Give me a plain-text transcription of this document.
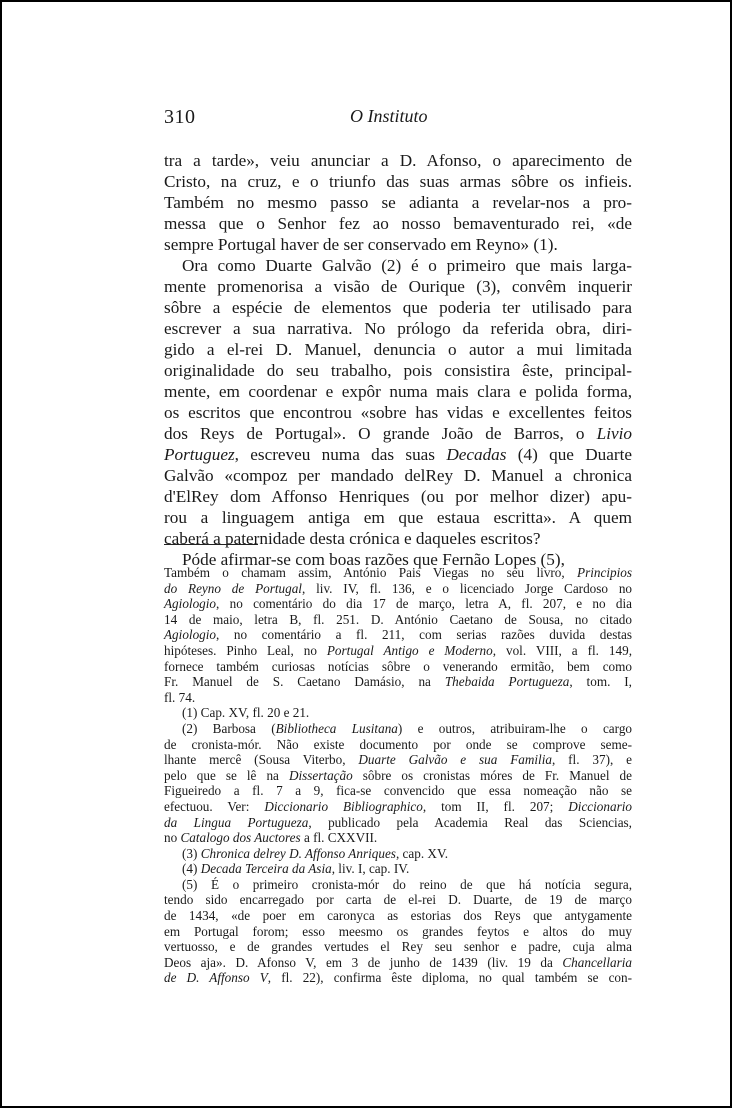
310	O Instituto
tra a tarde», veiu anunciar a D. Afonso, o aparecimento de
Cristo, na cruz, e o triunfo das suas armas sôbre os infieis.
Também no mesmo passo se adianta a revelar-nos a pro-
messa que o Senhor fez ao nosso bemaventurado rei, «de
sempre Portugal haver de ser conservado em Reyno» (1).
Ora como Duarte Galvão (2) é o primeiro que mais larga-
mente promenorisa a visão de Ourique (3), convêm inquerir
sôbre a espécie de elementos que poderia ter utilisado para
escrever a sua narrativa. No prólogo da referida obra, diri-
gido a el-rei D. Manuel, denuncia o autor a mui limitada
originalidade do seu trabalho, pois consistira êste, principal-
mente, em coordenar e expôr numa mais clara e polida forma,
os escritos que encontrou «sobre has vidas e excellentes feitos
dos Reys de Portugal». O grande João de Barros, o Livio
Portuguez, escreveu numa das suas Decadas (4) que Duarte
Galvão «compoz per mandado delRey D. Manuel a chronica
d'ElRey dom Affonso Henriques (ou por melhor dizer) apu-
rou a linguagem antiga em que estaua escritta». A quem
caberá a paternidade desta crónica e daqueles escritos?
Póde afirmar-se com boas razões que Fernão Lopes (5),
Também o chamam assim, António Pais Viegas no seu livro, Principios
do Reyno de Portugal, liv. IV, fl. 136, e o licenciado Jorge Cardoso no
Agiologio, no comentário do dia 17 de março, letra A, fl. 207, e no dia
14 de maio, letra B, fl. 251. D. António Caetano de Sousa, no citado
Agiologio, no comentário a fl. 211, com serias razões duvida destas
hipóteses. Pinho Leal, no Portugal Antigo e Moderno, vol. VIII, a fl. 149,
fornece também curiosas notícias sôbre o venerando ermitão, bem como
Fr. Manuel de S. Caetano Damásio, na Thebaida Portugueza, tom. I,
fl. 74.
(1) Cap. XV, fl. 20 e 21.
(2) Barbosa (Bibliotheca Lusitana) e outros, atribuiram-lhe o cargo
de cronista-mór. Não existe documento por onde se comprove seme-
lhante mercê (Sousa Viterbo, Duarte Galvão e sua Familia, fl. 37), e
pelo que se lê na Dissertação sôbre os cronistas móres de Fr. Manuel de
Figueiredo a fl. 7 a 9, fica-se convencido que essa nomeação não se
efectuou. Ver: Diccionario Bibliographico, tom II, fl. 207; Diccionario
da Lingua Portugueza, publicado pela Academia Real das Sciencias,
no Catalogo dos Auctores a fl. CXXVII.
(3) Chronica delrey D. Affonso Anriques, cap. XV.
(4) Decada Terceira da Asia, liv. I, cap. IV.
(5) É o primeiro cronista-mór do reino de que há notícia segura,
tendo sido encarregado por carta de el-rei D. Duarte, de 19 de março
de 1434, «de poer em caronyca as estorias dos Reys que antygamente
em Portugal forom; esso meesmo os grandes feytos e altos do muy
vertuosso, e de grandes vertudes el Rey seu senhor e padre, cuja alma
Deos aja». D. Afonso V, em 3 de junho de 1439 (liv. 19 da Chancellaria
de D. Affonso V, fl. 22), confirma êste diploma, no qual também se con-
